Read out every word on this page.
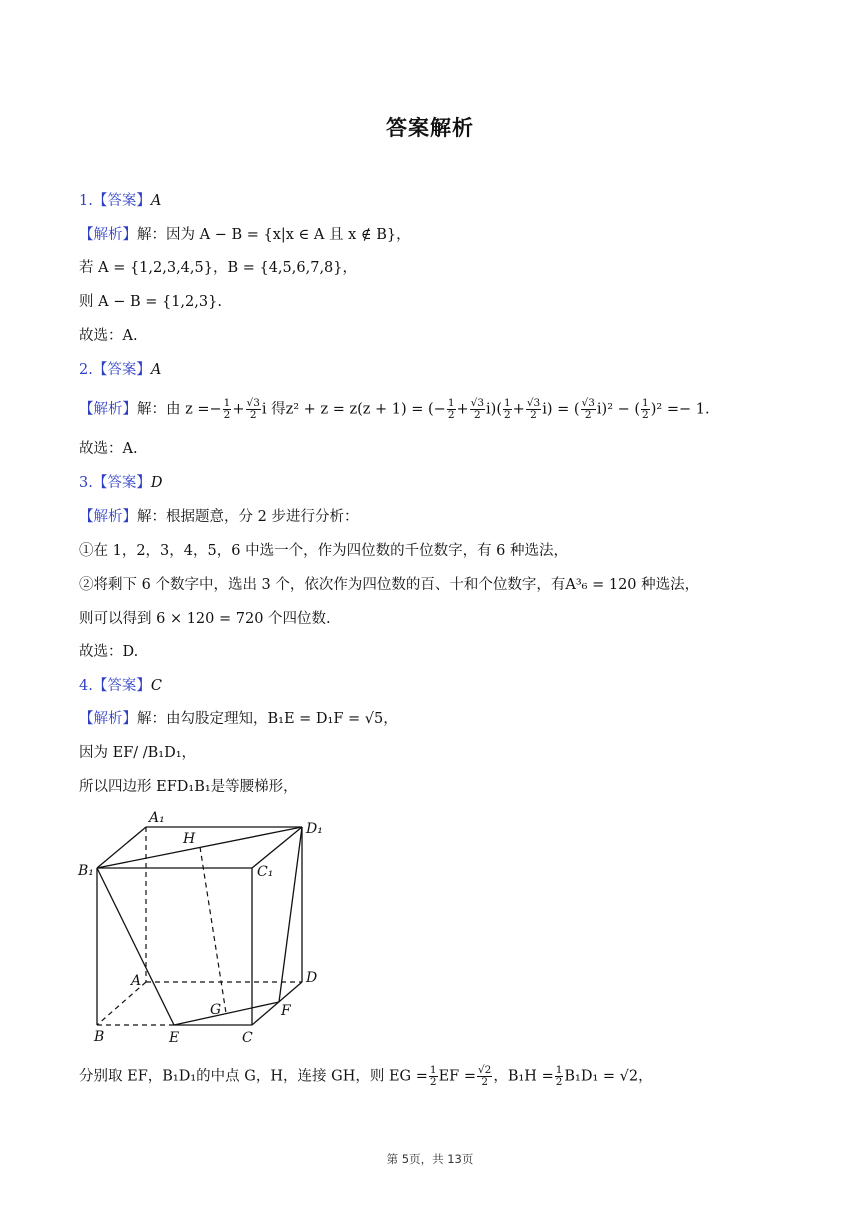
答案解析
1.【答案】A
【解析】解：因为 A − B = {x|x ∈ A 且 x ∉ B}，
若 A = {1,2,3,4,5}，B = {4,5,6,7,8}，
则 A − B = {1,2,3}.
故选：A.
2.【答案】A
【解析】解：由 $z =- \frac{1}{2} + \frac{√3}{2}$ i 得z² + z = z(z + 1) = (− $\frac{1}{2} + \frac{√3}{2} i)( \frac{1}{2} + \frac{√3}{2} i)$ = ( $\frac{√3}{2} i)^2$ − ( $\frac{1}{2} )^2 =- 1$.
故选：A.
3.【答案】D
【解析】解：根据题意，分 2 步进行分析：
①在 1，2，3，4，5，6 中选一个，作为四位数的千位数字，有 6 种选法，
②将剩下 6 个数字中，选出 3 个，依次作为四位数的百、十和个位数字，有A³₆ = 120 种选法，
则可以得到 6 × 120 = 720 个四位数.
故选：D.
4.【答案】C
【解析】解：由勾股定理知，B₁E = D₁F = √5，
因为 EF/ /B₁D₁，
所以四边形 EFD₁B₁是等腰梯形，
A₁
D₁
H
B₁	C₁
A	D
G	F
B	E	C
分别取 EF，B₁D₁的中点 G，H，连接 GH，则 EG = $\frac{1}{2}$ EF = $\frac{√2}{2}$ ，$B_1H = \frac{1}{2} B_1D_1 = √2$，
第 5页，共 13页
